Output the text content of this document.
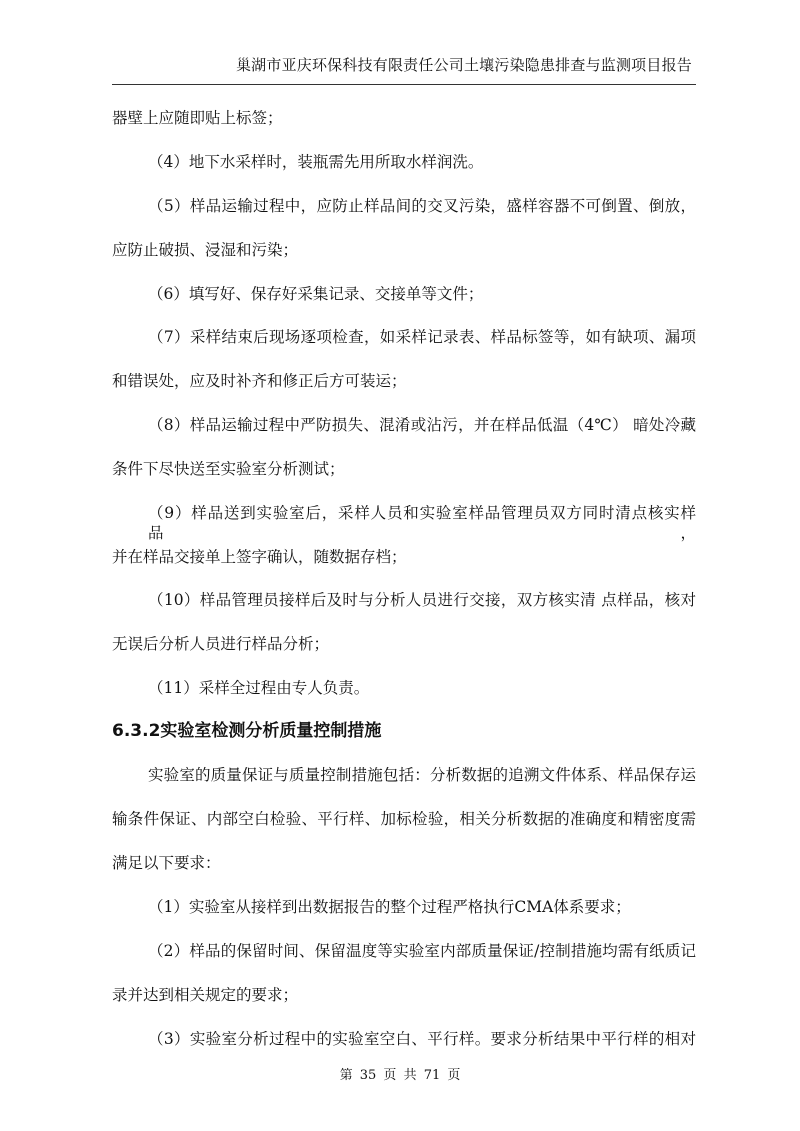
巢湖市亚庆环保科技有限责任公司土壤污染隐患排查与监测项目报告
器壁上应随即贴上标签；
（4）地下水采样时，装瓶需先用所取水样润洗。
（5）样品运输过程中，应防止样品间的交叉污染，盛样容器不可倒置、倒放，
应防止破损、浸湿和污染；
（6）填写好、保存好采集记录、交接单等文件；
（7）采样结束后现场逐项检查，如采样记录表、样品标签等，如有缺项、漏项
和错误处，应及时补齐和修正后方可装运；
（8）样品运输过程中严防损失、混淆或沾污，并在样品低温（4℃） 暗处冷藏
条件下尽快送至实验室分析测试；
（9）样品送到实验室后，采样人员和实验室样品管理员双方同时清点核实样品，
并在样品交接单上签字确认，随数据存档；
（10）样品管理员接样后及时与分析人员进行交接，双方核实清 点样品，核对
无误后分析人员进行样品分析；
（11）采样全过程由专人负责。
6.3.2实验室检测分析质量控制措施
实验室的质量保证与质量控制措施包括：分析数据的追溯文件体系、样品保存运
输条件保证、内部空白检验、平行样、加标检验，相关分析数据的准确度和精密度需
满足以下要求：
（1）实验室从接样到出数据报告的整个过程严格执行CMA体系要求；
（2）样品的保留时间、保留温度等实验室内部质量保证/控制措施均需有纸质记
录并达到相关规定的要求；
（3）实验室分析过程中的实验室空白、平行样。要求分析结果中平行样的相对
第 35 页 共 71 页
